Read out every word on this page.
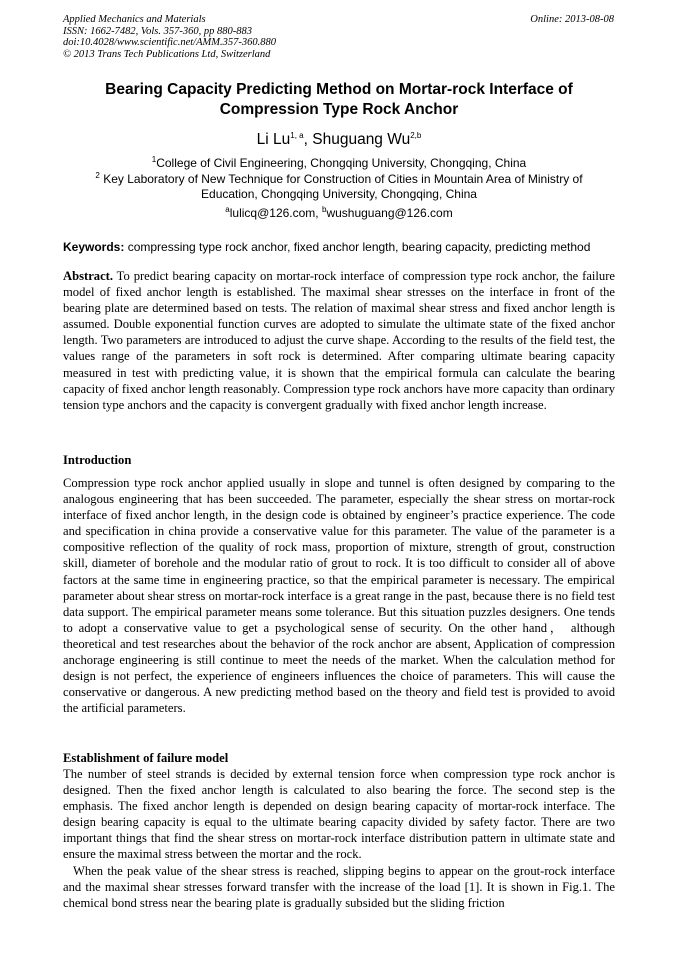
Applied Mechanics and Materials
ISSN: 1662-7482, Vols. 357-360, pp 880-883
doi:10.4028/www.scientific.net/AMM.357-360.880
© 2013 Trans Tech Publications Ltd, Switzerland
Online: 2013-08-08
Bearing Capacity Predicting Method on Mortar-rock Interface of
Compression Type Rock Anchor
Li Lu$^{1, a}$, Shuguang Wu$^{2,b}$
$^1$College of Civil Engineering, Chongqing University, Chongqing, China
$^2$ Key Laboratory of New Technique for Construction of Cities in Mountain Area of Ministry of
Education, Chongqing University, Chongqing, China
$^a$lulicq@126.com, $^b$wushuguang@126.com
Keywords: compressing type rock anchor, fixed anchor length, bearing capacity, predicting method

Abstract. To predict bearing capacity on mortar-rock interface of compression type rock anchor, the failure model of fixed anchor length is established. The maximal shear stresses on the interface in front of the bearing plate are determined based on tests. The relation of maximal shear stress and fixed anchor length is assumed. Double exponential function curves are adopted to simulate the ultimate state of the fixed anchor length. Two parameters are introduced to adjust the curve shape. According to the results of the field test, the values range of the parameters in soft rock is determined. After comparing ultimate bearing capacity measured in test with predicting value, it is shown that the empirical formula can calculate the bearing capacity of fixed anchor length reasonably. Compression type rock anchors have more capacity than ordinary tension type anchors and the capacity is convergent gradually with fixed anchor length increase.

Introduction

Compression type rock anchor applied usually in slope and tunnel is often designed by comparing to the analogous engineering that has been succeeded. The parameter, especially the shear stress on mortar-rock interface of fixed anchor length, in the design code is obtained by engineer’s practice experience. The code and specification in china provide a conservative value for this parameter. The value of the parameter is a compositive reflection of the quality of rock mass, proportion of mixture, strength of grout, construction skill, diameter of borehole and the modular ratio of grout to rock. It is too difficult to consider all of above factors at the same time in engineering practice, so that the empirical parameter is necessary. The empirical parameter about shear stress on mortar-rock interface is a great range in the past, because there is no field test data support. The empirical parameter means some tolerance. But this situation puzzles designers. One tends to adopt a conservative value to get a psychological sense of security. On the other hand， although theoretical and test researches about the behavior of the rock anchor are absent, Application of compression anchorage engineering is still continue to meet the needs of the market. When the calculation method for design is not perfect, the experience of engineers influences the choice of parameters. This will cause the conservative or dangerous. A new predicting method based on the theory and field test is provided to avoid the artificial parameters.

Establishment of failure model

The number of steel strands is decided by external tension force when compression type rock anchor is designed. Then the fixed anchor length is calculated to also bearing the force. The second step is the emphasis. The fixed anchor length is depended on design bearing capacity of mortar-rock interface. The design bearing capacity is equal to the ultimate bearing capacity divided by safety factor. There are two important things that find the shear stress on mortar-rock interface distribution pattern in ultimate state and ensure the maximal stress between the mortar and the rock.

When the peak value of the shear stress is reached, slipping begins to appear on the grout-rock interface and the maximal shear stresses forward transfer with the increase of the load [1]. It is shown in Fig.1. The chemical bond stress near the bearing plate is gradually subsided but the sliding friction
